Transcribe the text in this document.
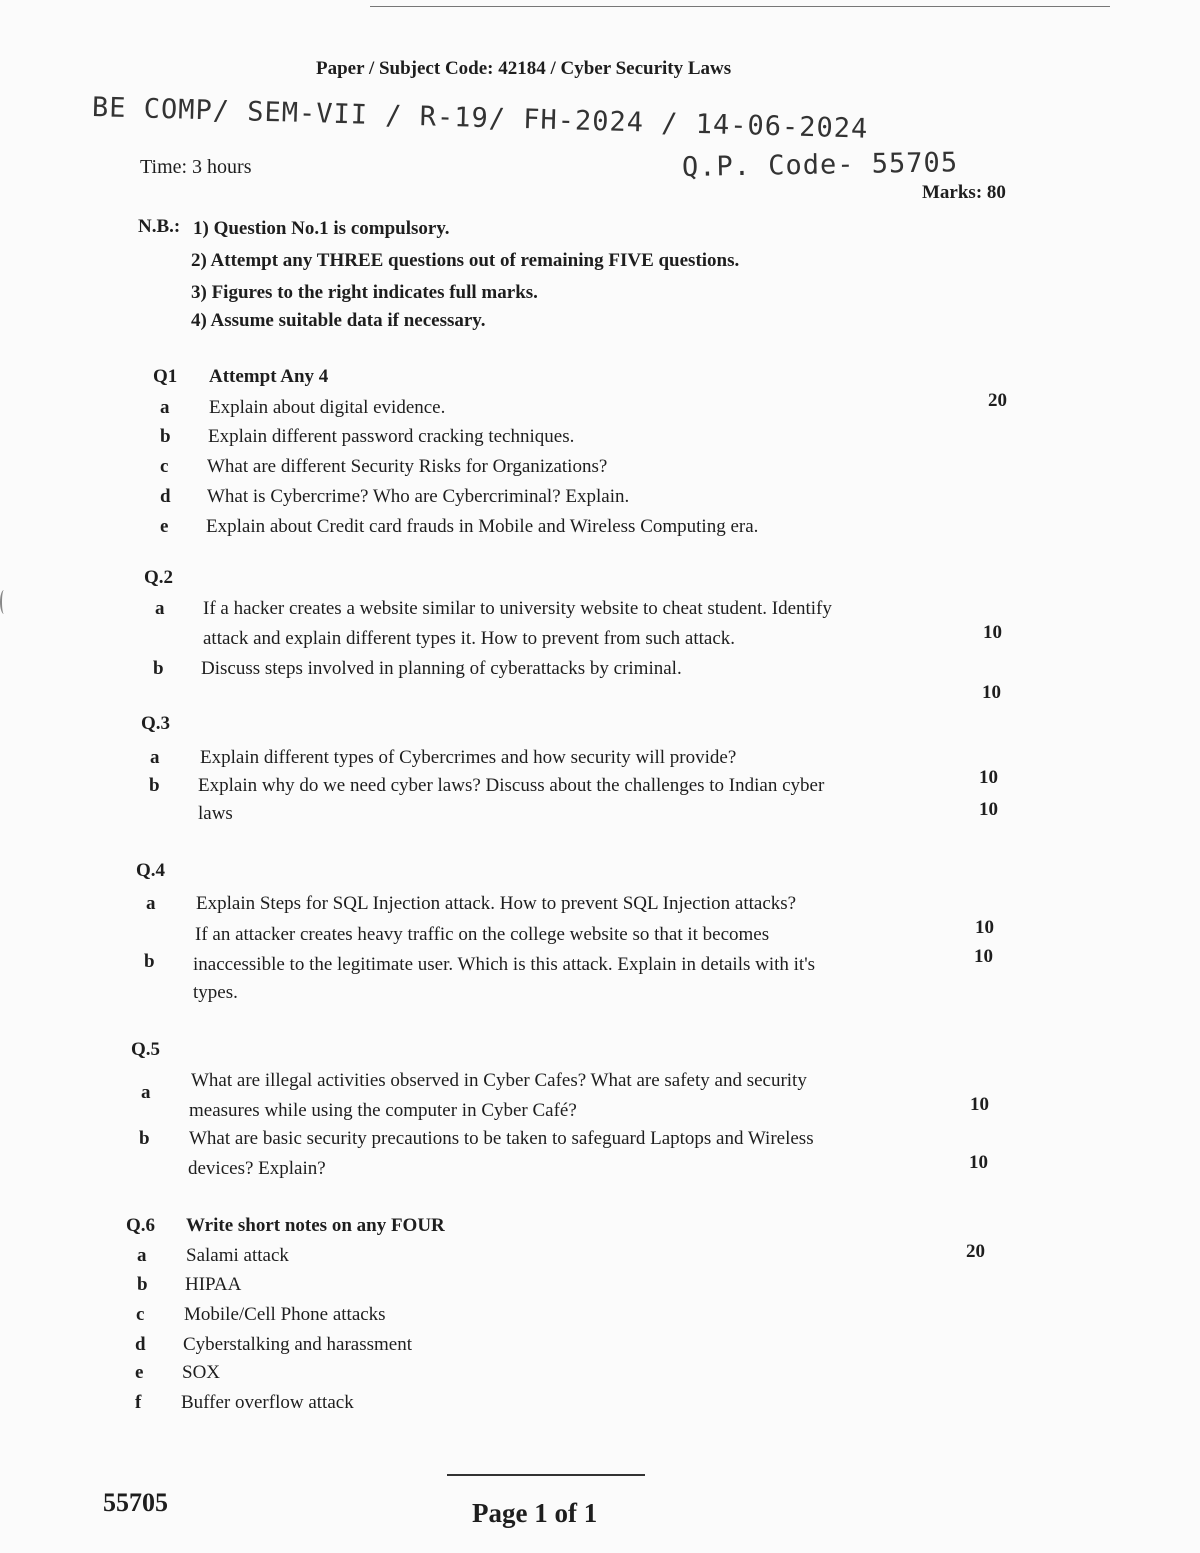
Paper / Subject Code: 42184 / Cyber Security Laws
BE COMP/ SEM-VII / R-19/ FH-2024 / 14-06-2024
Q.P. Code- 55705
Time: 3 hours
Marks: 80
N.B.: 1) Question No.1 is compulsory.
2) Attempt any THREE questions out of remaining FIVE questions.
3) Figures to the right indicates full marks.
4) Assume suitable data if necessary.
Q1 Attempt Any 4
20
a Explain about digital evidence.
b Explain different password cracking techniques.
c What are different Security Risks for Organizations?
d What is Cybercrime? Who are Cybercriminal? Explain.
e Explain about Credit card frauds in Mobile and Wireless Computing era.
Q.2
a If a hacker creates a website similar to university website to cheat student. Identify
attack and explain different types it. How to prevent from such attack.	10
b Discuss steps involved in planning of cyberattacks by criminal.
10
Q.3
a Explain different types of Cybercrimes and how security will provide?
10
b Explain why do we need cyber laws? Discuss about the challenges to Indian cyber
laws	10
Q.4
a Explain Steps for SQL Injection attack. How to prevent SQL Injection attacks?
10
b
If an attacker creates heavy traffic on the college website so that it becomes
inaccessible to the legitimate user. Which is this attack. Explain in details with it's
types.
10
Q.5
a
What are illegal activities observed in Cyber Cafes? What are safety and security
measures while using the computer in Cyber Café?	10
b What are basic security precautions to be taken to safeguard Laptops and Wireless
devices? Explain?	10
Q.6 Write short notes on any FOUR
20
a Salami attack
b HIPAA
c Mobile/Cell Phone attacks
d Cyberstalking and harassment
e SOX
f Buffer overflow attack
55705	Page 1 of 1
